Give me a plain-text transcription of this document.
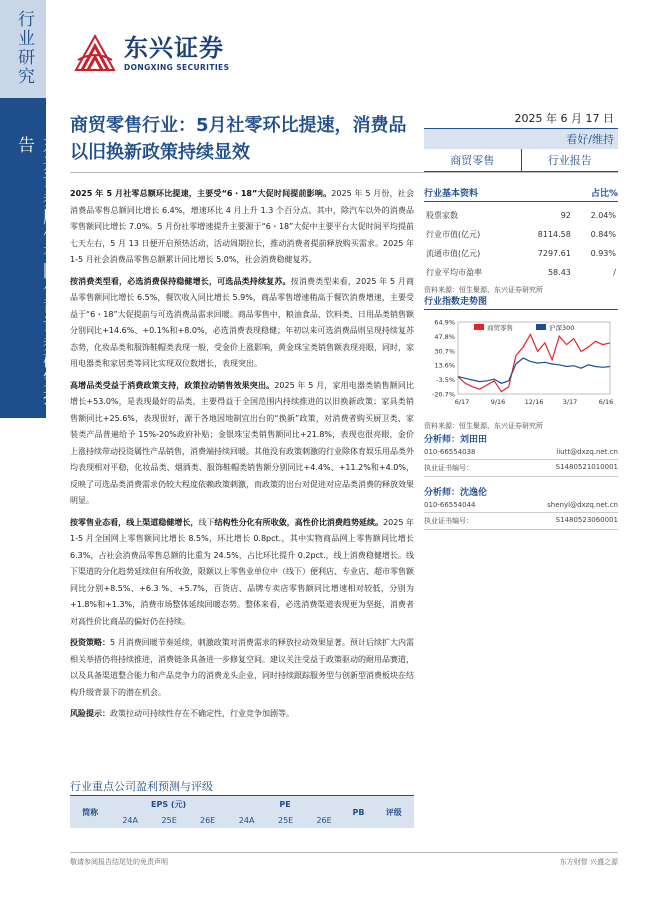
行业研究
东兴证券股份有限公司证券研究报告
东兴证券
DONGXING SECURITIES
商贸零售行业：5月社零环比提速，消费品以旧换新政策持续显效
2025 年 6 月 17 日
看好/维持
商贸零售	行业报告

2025 年 5 月社零总额环比提速，主要受“6・18”大促时间提前影响。2025 年 5 月份，社会消费品零售总额同比增长 6.4%，增速环比 4 月上升 1.3 个百分点。其中，除汽车以外的消费品零售额同比增长 7.0%。5 月份社零增速提升主要源于“6・18”大促中主要平台大促时间平均提前七天左右，5 月 13 日便开启预热活动，活动周期拉长，推动消费者提前释放购买需求。2025 年 1-5 月社会消费品零售总额累计同比增长 5.0%，社会消费稳健复苏。

按消费类型看，必选消费保持稳健增长，可选品类持续复苏。按消费类型来看，2025 年 5 月商品零售额同比增长 6.5%，餐饮收入同比增长 5.9%，商品零售增速稍高于餐饮消费增速，主要受益于“6・18”大促提前与可选消费品需求回暖。商品零售中，粮油食品、饮料类、日用品类销售额分别同比+14.6%、+0.1%和+8.0%，必选消费表现稳健；年初以来可选消费品则呈现持续复苏态势，化妆品类和服饰鞋帽类表现一般，受金价上涨影响，黄金珠宝类销售额表现亮眼，同时，家用电器类和家居类等同比实现双位数增长，表现突出。

高增品类受益于消费政策支持，政策拉动销售效果突出。2025 年 5 月，家用电器类销售额同比增长+53.0%，是表现最好的品类，主要得益于全国范围内持续推进的以旧换新政策；家具类销售额同比+25.6%，表现很好，源于各地因地制宜出台的“换新”政策，对消费者购买厨卫类、家装类产品普遍给予 15%-20%政府补贴；金银珠宝类销售额同比+21.8%，表现也很亮眼，金价上涨持续带动投资属性产品销售，消费端持续回暖。其他没有政策刺激的行业除体育娱乐用品类外均表现相对平稳，化妆品类、烟酒类、服饰鞋帽类销售额分别同比+4.4%、+11.2%和+4.0%，反映了可选品类消费需求仍较大程度依赖政策刺激，而政策的出台对促进对应品类消费的释放效果明显。

按零售业态看，线上渠道稳健增长，线下结构性分化有所收敛，高性价比消费趋势延续。2025 年 1-5 月全国网上零售额同比增长 8.5%，环比增长 0.8pct.，其中实物商品网上零售额同比增长 6.3%，占社会消费品零售总额的比重为 24.5%，占比环比提升 0.2pct.，线上消费稳健增长。线下渠道的分化趋势延续但有所收敛，限额以上零售业单位中（线下）便利店、专业店、超市零售额同比分别+8.5%、+6.3 %、+5.7%，百货店、品牌专卖店零售额同比增速相对较低，分别为+1.8%和+1.3%，消费市场整体延续回暖态势。整体来看，必选消费渠道表现更为坚挺，消费者对高性价比商品的偏好仍在持续。

投资策略：5 月消费回暖节奏延续，刺激政策对消费需求的释放拉动效果显著。预计后续扩大内需相关举措仍将持续推进，消费链条具备进一步修复空间。建议关注受益于政策驱动的耐用品赛道，以及具备渠道整合能力和产品竞争力的消费龙头企业，同时持续跟踪服务型与创新型消费板块在结构升级背景下的潜在机会。

风险提示：政策拉动可持续性存在不确定性，行业竞争加剧等。

行业基本资料	占比%
股票家数	92	2.04%
行业市值(亿元)	8114.58	0.84%
流通市值(亿元)	7297.61	0.93%
行业平均市盈率	58.43	/
资料来源：恒生聚源、东兴证券研究所
行业指数走势图
64.9%
47.8%
30.7%
13.6%
-3.5%
-20.7%
6/17	9/16	12/16	3/17	6/16
商贸零售	沪深300
资料来源：恒生聚源、东兴证券研究所
分析师：刘田田
010-66554038	liutt@dxzq.net.cn
执业证书编号：	S1480521010001
分析师：沈逸伦
010-66554044	shenyl@dxzq.net.cn
执业证书编号：	S1480523060001
行业重点公司盈利预测与评级
简称	EPS (元)			PE			PB	评级
	24A	25E	26E	24A	25E	26E		
敬请参阅报告结尾处的免责声明	东方财智 兴盛之源
